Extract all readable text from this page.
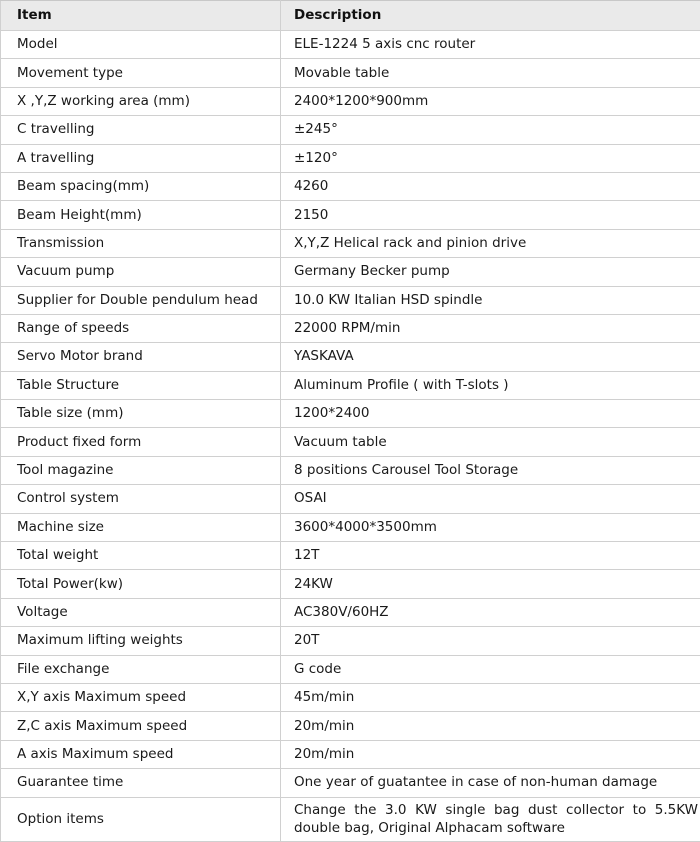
Item	Description
Model	ELE-1224 5 axis cnc router
Movement type	Movable table
X ,Y,Z working area (mm)	2400*1200*900mm
C travelling	±245°
A travelling	±120°
Beam spacing(mm)	4260
Beam Height(mm)	2150
Transmission	X,Y,Z Helical rack and pinion drive
Vacuum pump	Germany Becker pump
Supplier for Double pendulum head	10.0 KW Italian HSD spindle
Range of speeds	22000 RPM/min
Servo Motor brand	YASKAVA
Table Structure	Aluminum Profile ( with T-slots )
Table size (mm)	1200*2400
Product fixed form	Vacuum table
Tool magazine	8 positions Carousel Tool Storage
Control system	OSAI
Machine size	3600*4000*3500mm
Total weight	12T
Total Power(kw)	24KW
Voltage	AC380V/60HZ
Maximum lifting weights	20T
File exchange	G code
X,Y axis Maximum speed	45m/min
Z,C axis Maximum speed	20m/min
A axis Maximum speed	20m/min
Guarantee time	One year of guatantee in case of non-human damage
Option items	Change the 3.0 KW single bag dust collector to 5.5KW double bag, Original Alphacam software
